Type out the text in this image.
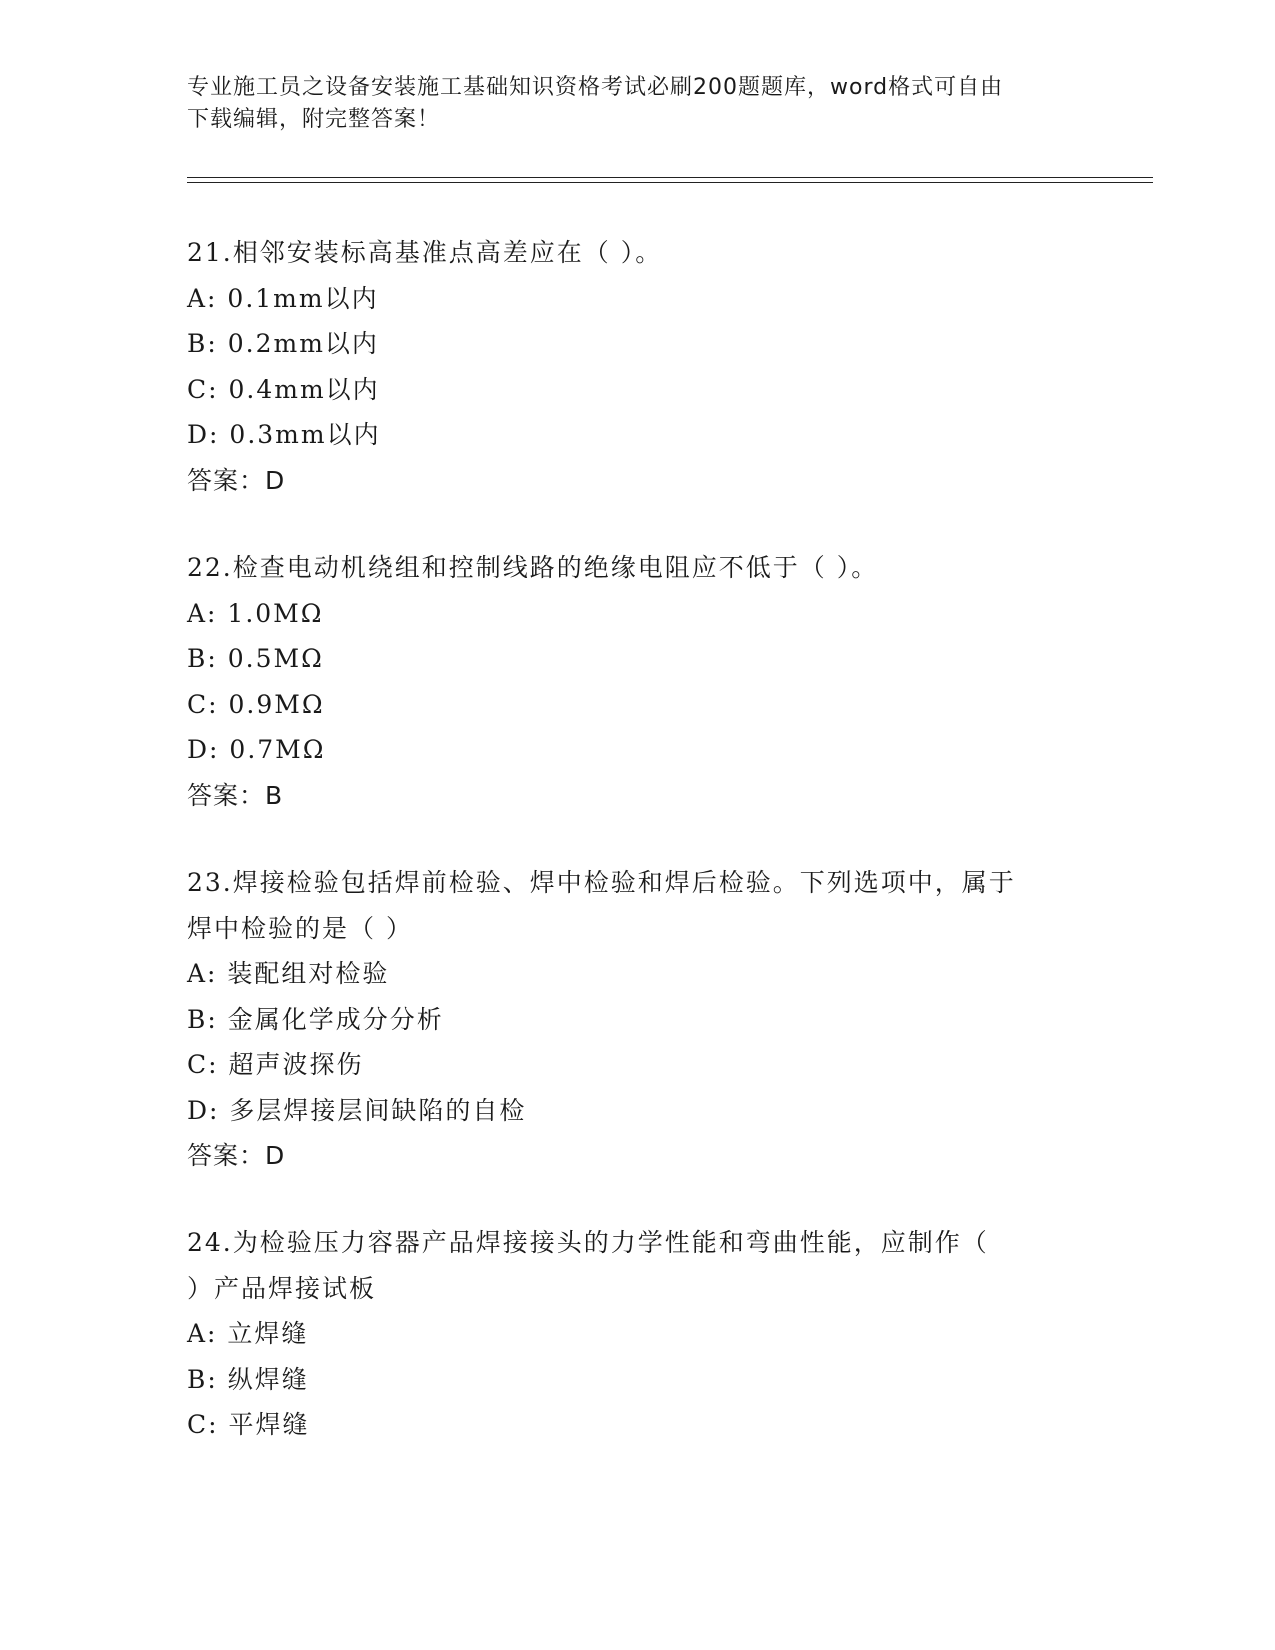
专业施工员之设备安装施工基础知识资格考试必刷200题题库，word格式可自由
下载编辑，附完整答案！
21.相邻安装标高基准点高差应在（ ）。
A: 0.1mm以内
B: 0.2mm以内
C: 0.4mm以内
D: 0.3mm以内
答案：D
22.检查电动机绕组和控制线路的绝缘电阻应不低于（ ）。
A: 1.0MΩ
B: 0.5MΩ
C: 0.9MΩ
D: 0.7MΩ
答案：B
23.焊接检验包括焊前检验、焊中检验和焊后检验。下列选项中，属于
焊中检验的是（ ）
A: 装配组对检验
B: 金属化学成分分析
C: 超声波探伤
D: 多层焊接层间缺陷的自检
答案：D
24.为检验压力容器产品焊接接头的力学性能和弯曲性能，应制作（
）产品焊接试板
A: 立焊缝
B: 纵焊缝
C: 平焊缝
